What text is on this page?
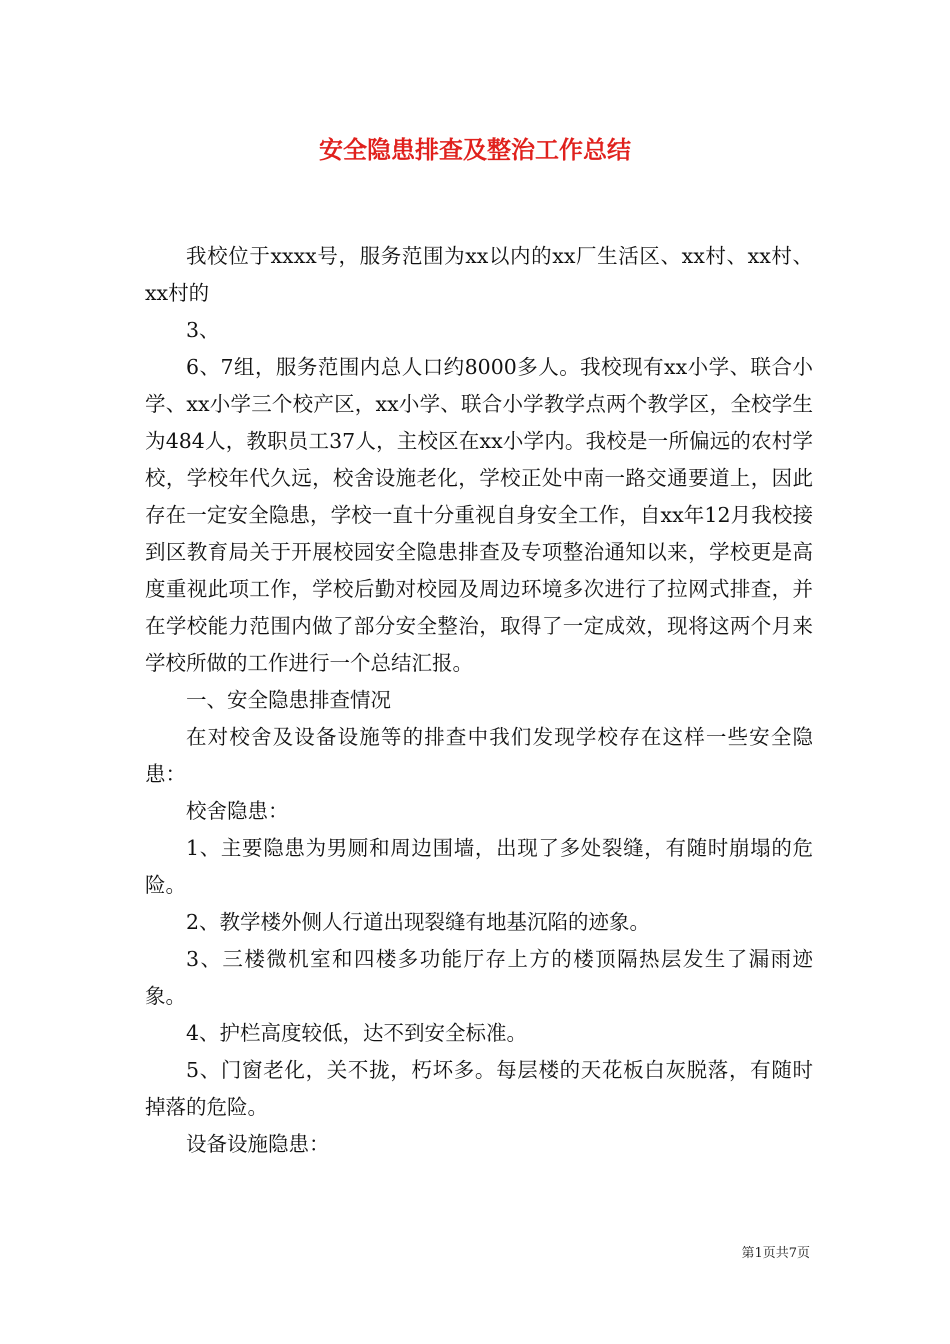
安全隐患排查及整治工作总结

我校位于xxxx号，服务范围为xx以内的xx厂生活区、xx村、xx村、xx村的

3、

6、7组，服务范围内总人口约8000多人。我校现有xx小学、联合小学、xx小学三个校产区，xx小学、联合小学教学点两个教学区，全校学生为484人，教职员工37人，主校区在xx小学内。我校是一所偏远的农村学校，学校年代久远，校舍设施老化，学校正处中南一路交通要道上，因此存在一定安全隐患，学校一直十分重视自身安全工作，自xx年12月我校接到区教育局关于开展校园安全隐患排查及专项整治通知以来，学校更是高度重视此项工作，学校后勤对校园及周边环境多次进行了拉网式排查，并在学校能力范围内做了部分安全整治，取得了一定成效，现将这两个月来学校所做的工作进行一个总结汇报。

一、安全隐患排查情况

在对校舍及设备设施等的排查中我们发现学校存在这样一些安全隐患：

校舍隐患：

1、主要隐患为男厕和周边围墙，出现了多处裂缝，有随时崩塌的危险。

2、教学楼外侧人行道出现裂缝有地基沉陷的迹象。

3、三楼微机室和四楼多功能厅存上方的楼顶隔热层发生了漏雨迹象。

4、护栏高度较低，达不到安全标准。

5、门窗老化，关不拢，朽坏多。每层楼的天花板白灰脱落，有随时掉落的危险。

设备设施隐患：

第1页共7页
